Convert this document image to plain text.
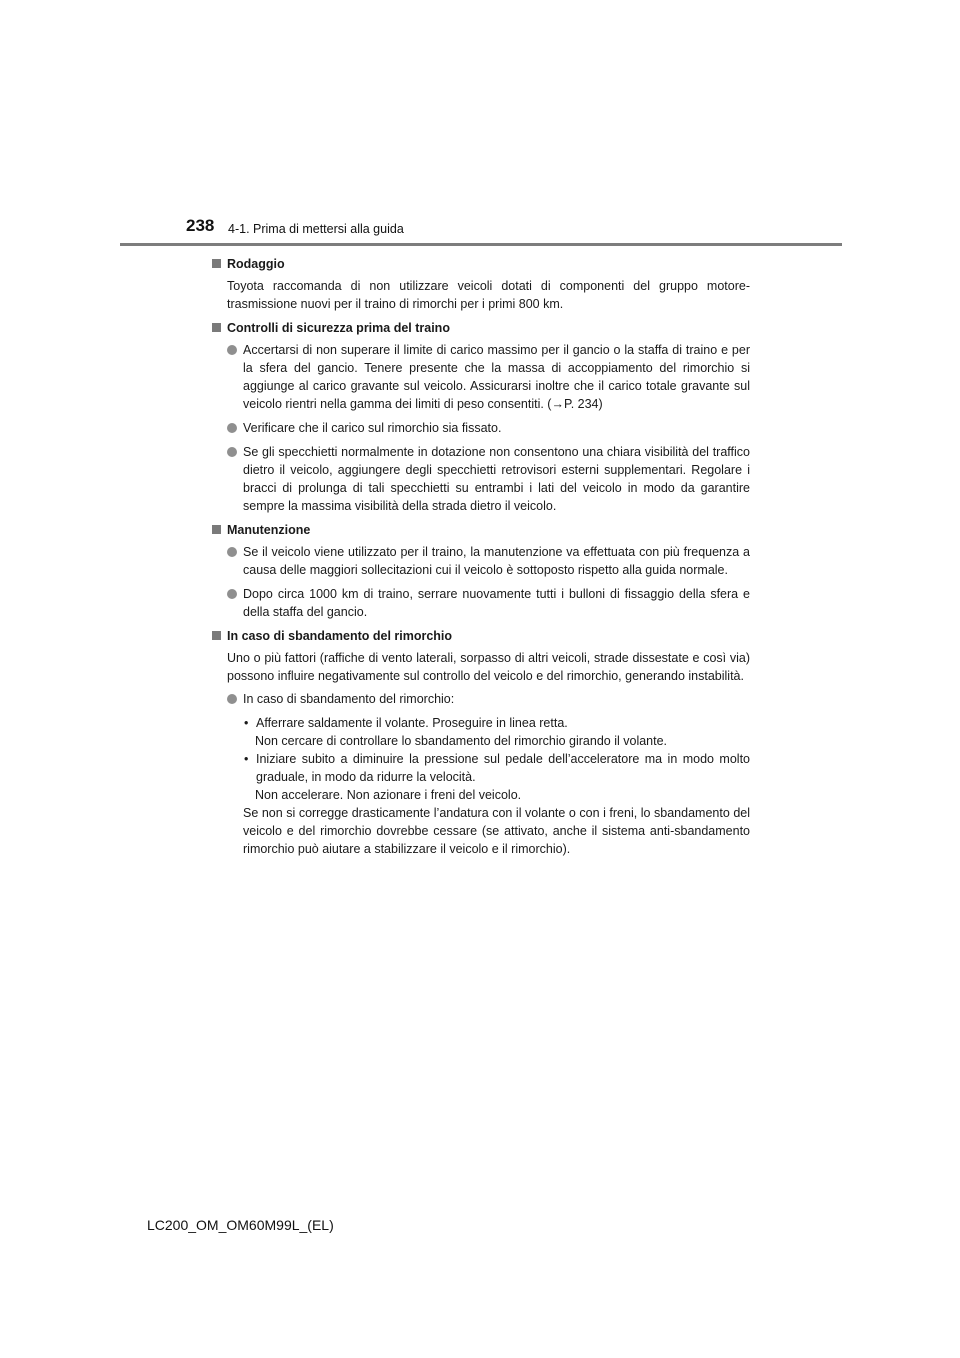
238 4-1. Prima di mettersi alla guida
Rodaggio
Toyota raccomanda di non utilizzare veicoli dotati di componenti del gruppo motore-trasmissione nuovi per il traino di rimorchi per i primi 800 km.
Controlli di sicurezza prima del traino
Accertarsi di non superare il limite di carico massimo per il gancio o la staffa di traino e per la sfera del gancio. Tenere presente che la massa di accoppiamento del rimorchio si aggiunge al carico gravante sul veicolo. Assicurarsi inoltre che il carico totale gravante sul veicolo rientri nella gamma dei limiti di peso consentiti. (→P. 234)
Verificare che il carico sul rimorchio sia fissato.
Se gli specchietti normalmente in dotazione non consentono una chiara visibilità del traffico dietro il veicolo, aggiungere degli specchietti retrovisori esterni supplementari. Regolare i bracci di prolunga di tali specchietti su entrambi i lati del veicolo in modo da garantire sempre la massima visibilità della strada dietro il veicolo.
Manutenzione
Se il veicolo viene utilizzato per il traino, la manutenzione va effettuata con più frequenza a causa delle maggiori sollecitazioni cui il veicolo è sottoposto rispetto alla guida normale.
Dopo circa 1000 km di traino, serrare nuovamente tutti i bulloni di fissaggio della sfera e della staffa del gancio.
In caso di sbandamento del rimorchio
Uno o più fattori (raffiche di vento laterali, sorpasso di altri veicoli, strade dissestate e così via) possono influire negativamente sul controllo del veicolo e del rimorchio, generando instabilità.
In caso di sbandamento del rimorchio:
• Afferrare saldamente il volante. Proseguire in linea retta.
Non cercare di controllare lo sbandamento del rimorchio girando il volante.
• Iniziare subito a diminuire la pressione sul pedale dell’acceleratore ma in modo molto graduale, in modo da ridurre la velocità.
Non accelerare. Non azionare i freni del veicolo.
Se non si corregge drasticamente l’andatura con il volante o con i freni, lo sbandamento del veicolo e del rimorchio dovrebbe cessare (se attivato, anche il sistema anti-sbandamento rimorchio può aiutare a stabilizzare il veicolo e il rimorchio).
LC200_OM_OM60M99L_(EL)
